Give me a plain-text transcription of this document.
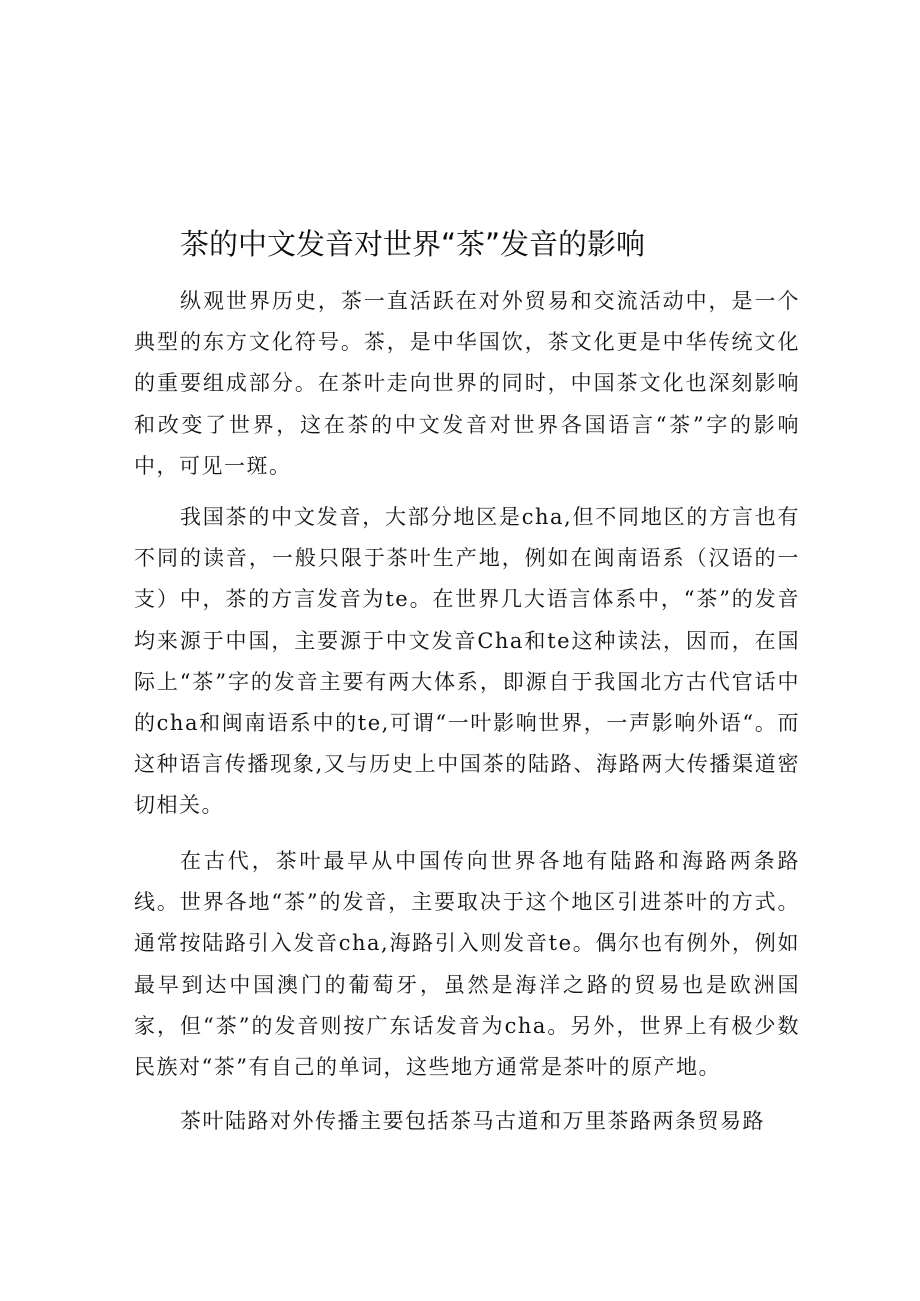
茶的中文发音对世界“茶”发音的影响

纵观世界历史，茶一直活跃在对外贸易和交流活动中，是一个典型的东方文化符号。茶，是中华国饮，茶文化更是中华传统文化的重要组成部分。在茶叶走向世界的同时，中国茶文化也深刻影响和改变了世界，这在茶的中文发音对世界各国语言“茶”字的影响中，可见一斑。

我国茶的中文发音，大部分地区是cha,但不同地区的方言也有不同的读音，一般只限于茶叶生产地，例如在闽南语系（汉语的一支）中，茶的方言发音为te。在世界几大语言体系中，“茶”的发音均来源于中国，主要源于中文发音Cha和te这种读法，因而，在国际上“茶”字的发音主要有两大体系，即源自于我国北方古代官话中的cha和闽南语系中的te,可谓“一叶影响世界，一声影响外语“。而这种语言传播现象,又与历史上中国茶的陆路、海路两大传播渠道密切相关。

在古代，茶叶最早从中国传向世界各地有陆路和海路两条路线。世界各地“茶”的发音，主要取决于这个地区引进茶叶的方式。通常按陆路引入发音cha,海路引入则发音te。偶尔也有例外，例如最早到达中国澳门的葡萄牙，虽然是海洋之路的贸易也是欧洲国家，但“茶”的发音则按广东话发音为cha。另外，世界上有极少数民族对“茶”有自己的单词，这些地方通常是茶叶的原产地。

茶叶陆路对外传播主要包括茶马古道和万里茶路两条贸易路
